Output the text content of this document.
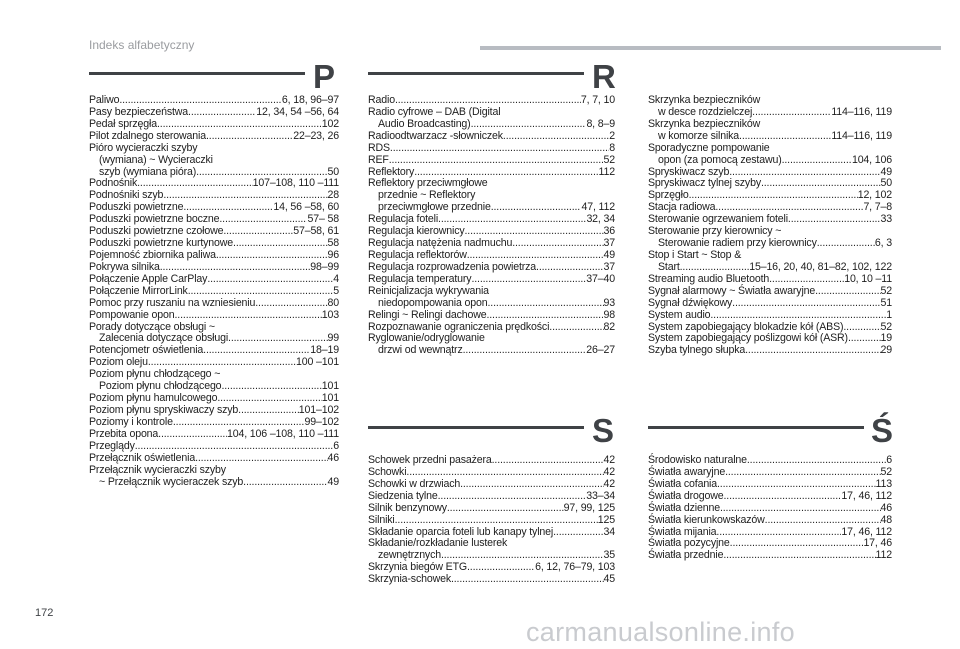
Indeks alfabetyczny
P	R
S	Ś
Paliwo .....	6, 18, 96–97
Pasy bezpieczeństwa .....	12, 34, 54 –56, 64
Pedał sprzęgła .....	102
Pilot zdalnego sterowania .....	22–23, 26
Pióro wycieraczki szyby
(wymiana) ~ Wycieraczki
szyb (wymiana pióra) .....	50
Podnośnik .....	107–108, 110 –111
Podnośniki szyb .....	28
Poduszki powietrzne .....	14, 56 –58, 60
Poduszki powietrzne boczne .....	57– 58
Poduszki powietrzne czołowe .....	57–58, 61
Poduszki powietrzne kurtynowe .....	58
Pojemność zbiornika paliwa .....	96
Pokrywa silnika .....	98–99
Połączenie Apple CarPlay .....	4
Połączenie MirrorLink .....	5
Pomoc przy ruszaniu na wzniesieniu .....	80
Pompowanie opon .....	103
Porady dotyczące obsługi ~
Zalecenia dotyczące obsługi .....	99
Potencjometr oświetlenia .....	18–19
Poziom oleju .....	100 –101
Poziom płynu chłodzącego ~
Poziom płynu chłodzącego .....	101
Poziom płynu hamulcowego .....	101
Poziom płynu spryskiwaczy szyb .....	101–102
Poziomy i kontrole .....	99–102
Przebita opona .....	104, 106 –108, 110 –111
Przeglądy .....	6
Przełącznik oświetlenia .....	46
Przełącznik wycieraczki szyby
~ Przełącznik wycieraczek szyb .....	49
Radio .....	7, 7, 10
Radio cyfrowe – DAB (Digital
Audio Broadcasting) .....	8, 8–9
Radioodtwarzacz -słowniczek .....	2
RDS .....	8
REF .....	52
Reflektory .....	112
Reflektory przeciwmgłowe
przednie ~ Reflektory
przeciwmgłowe przednie .....	47, 112
Regulacja foteli .....	32, 34
Regulacja kierownicy .....	36
Regulacja natężenia nadmuchu .....	37
Regulacja reflektorów .....	49
Regulacja rozprowadzenia powietrza .....	37
Regulacja temperatury .....	37–40
Reinicjalizacja wykrywania
niedopompowania opon .....	93
Relingi ~ Relingi dachowe .....	98
Rozpoznawanie ograniczenia prędkości .....	82
Ryglowanie/odryglowanie
drzwi od wewnątrz .....	26–27
Schowek przedni pasażera .....	42
Schowki .....	42
Schowki w drzwiach .....	42
Siedzenia tylne .....	33–34
Silnik benzynowy .....	97, 99, 125
Silniki .....	125
Składanie oparcia foteli lub kanapy tylnej .....	34
Składanie/rozkładanie lusterek
zewnętrznych .....	35
Skrzynia biegów ETG .....	6, 12, 76–79, 103
Skrzynia-schowek .....	45
Skrzynka bezpieczników
w desce rozdzielczej .....	114–116, 119
Skrzynka bezpieczników
w komorze silnika .....	114–116, 119
Sporadyczne pompowanie
opon (za pomocą zestawu) .....	104, 106
Spryskiwacz szyb .....	49
Spryskiwacz tylnej szyby .....	50
Sprzęgło .....	12, 102
Stacja radiowa .....	7, 7–8
Sterowanie ogrzewaniem foteli .....	33
Sterowanie przy kierownicy ~
Sterowanie radiem przy kierownicy .....	6, 3
Stop i Start ~ Stop &
Start .....	15–16, 20, 40, 81–82, 102, 122
Streaming audio Bluetooth .....	10, 10 –11
Sygnał alarmowy ~ Światła awaryjne .....	52
Sygnał dźwiękowy .....	51
System audio .....	1
System zapobiegający blokadzie kół (ABS) .....	52
System zapobiegający poślizgowi kół (ASR) .....	19
Szyba tylnego słupka .....	29
Środowisko naturalne .....	6
Światła awaryjne .....	52
Światła cofania .....	113
Światła drogowe .....	17, 46, 112
Światła dzienne .....	46
Światła kierunkowskazów .....	48
Światła mijania .....	17, 46, 112
Światła pozycyjne .....	17, 46
Światła przednie .....	112
172
carmanualsonline.info
